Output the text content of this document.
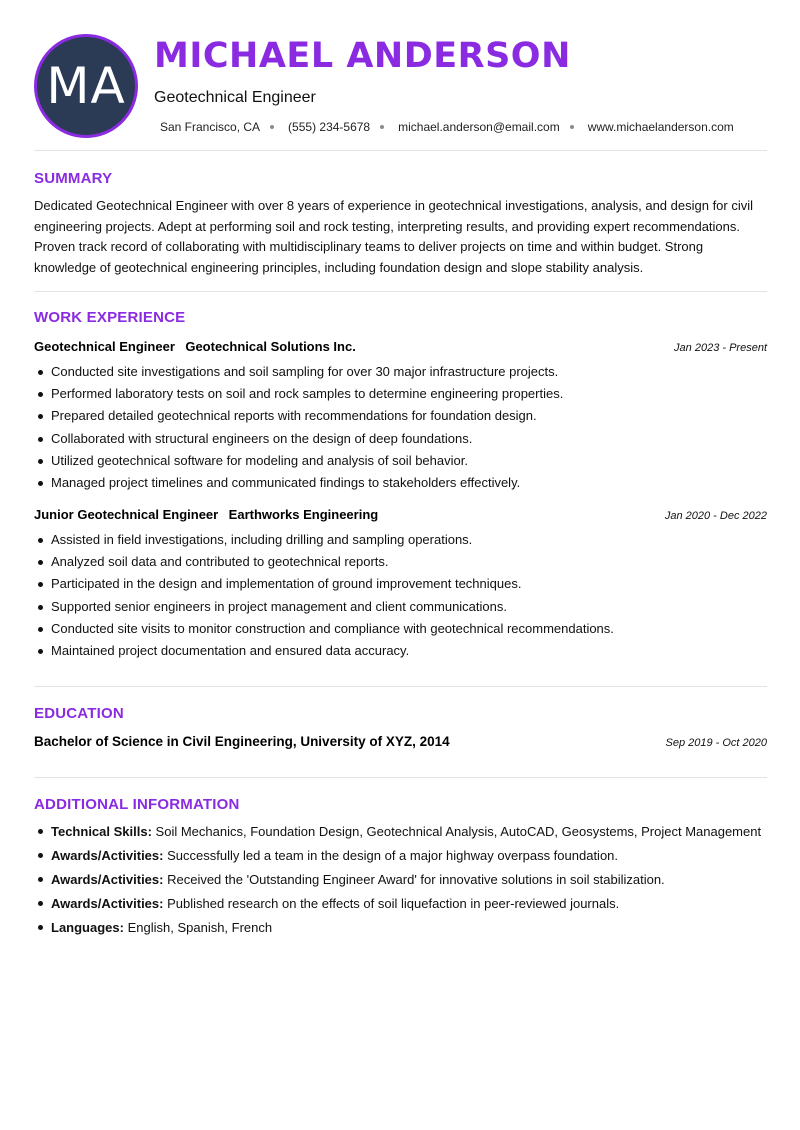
MA
MICHAEL ANDERSON
Geotechnical Engineer
San Francisco, CA (555) 234-5678 michael.anderson@email.com www.michaelanderson.com
SUMMARY
Dedicated Geotechnical Engineer with over 8 years of experience in geotechnical investigations, analysis, and design for civil engineering projects. Adept at performing soil and rock testing, interpreting results, and providing expert recommendations. Proven track record of collaborating with multidisciplinary teams to deliver projects on time and within budget. Strong knowledge of geotechnical engineering principles, including foundation design and slope stability analysis.
WORK EXPERIENCE
Geotechnical Engineer Geotechnical Solutions Inc.	Jan 2023 - Present
Conducted site investigations and soil sampling for over 30 major infrastructure projects.
Performed laboratory tests on soil and rock samples to determine engineering properties.
Prepared detailed geotechnical reports with recommendations for foundation design.
Collaborated with structural engineers on the design of deep foundations.
Utilized geotechnical software for modeling and analysis of soil behavior.
Managed project timelines and communicated findings to stakeholders effectively.
Junior Geotechnical Engineer Earthworks Engineering	Jan 2020 - Dec 2022
Assisted in field investigations, including drilling and sampling operations.
Analyzed soil data and contributed to geotechnical reports.
Participated in the design and implementation of ground improvement techniques.
Supported senior engineers in project management and client communications.
Conducted site visits to monitor construction and compliance with geotechnical recommendations.
Maintained project documentation and ensured data accuracy.
EDUCATION
Bachelor of Science in Civil Engineering, University of XYZ, 2014	Sep 2019 - Oct 2020
ADDITIONAL INFORMATION
Technical Skills: Soil Mechanics, Foundation Design, Geotechnical Analysis, AutoCAD, Geosystems, Project Management
Awards/Activities: Successfully led a team in the design of a major highway overpass foundation.
Awards/Activities: Received the 'Outstanding Engineer Award' for innovative solutions in soil stabilization.
Awards/Activities: Published research on the effects of soil liquefaction in peer-reviewed journals.
Languages: English, Spanish, French
